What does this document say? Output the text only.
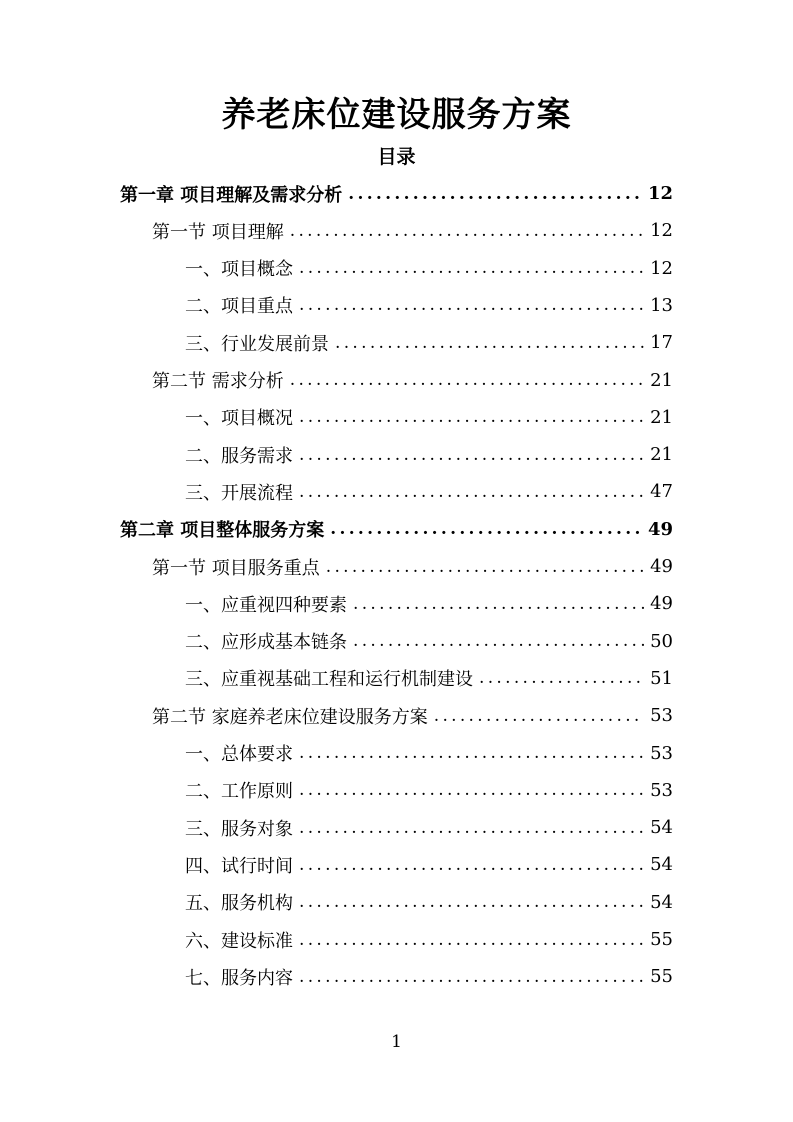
养老床位建设服务方案
目录
第一章 项目理解及需求分析 .....	12
第一节 项目理解 .....	12
一、项目概念 .....	12
二、项目重点 .....	13
三、行业发展前景 .....	17
第二节 需求分析 .....	21
一、项目概况 .....	21
二、服务需求 .....	21
三、开展流程 .....	47
第二章 项目整体服务方案 .....	49
第一节 项目服务重点 .....	49
一、应重视四种要素 .....	49
二、应形成基本链条 .....	50
三、应重视基础工程和运行机制建设 .....	51
第二节 家庭养老床位建设服务方案 .....	53
一、总体要求 .....	53
二、工作原则 .....	53
三、服务对象 .....	54
四、试行时间 .....	54
五、服务机构 .....	54
六、建设标准 .....	55
七、服务内容 .....	55
1
